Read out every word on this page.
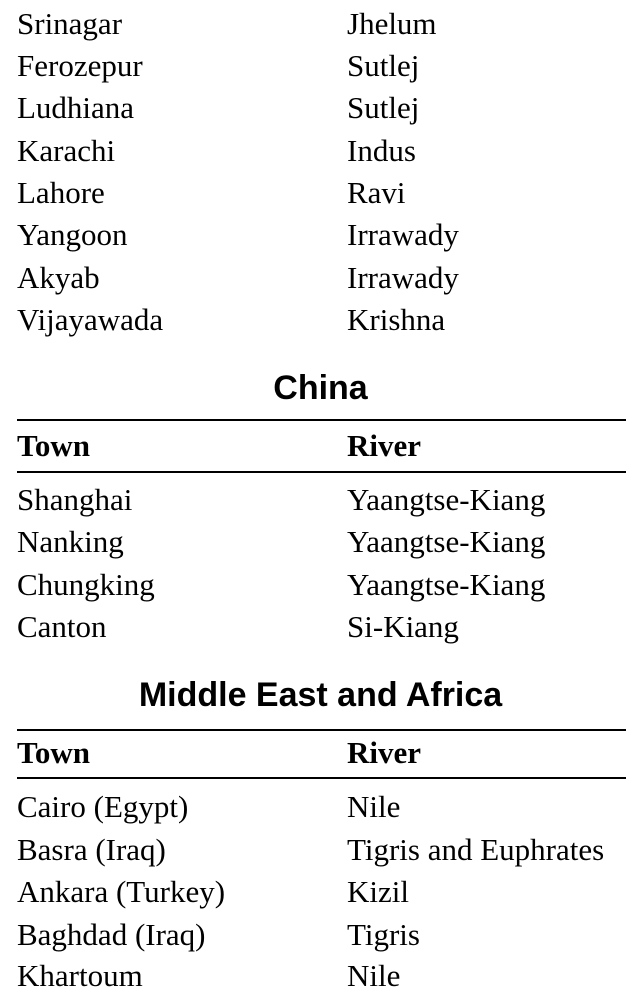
Srinagar	Jhelum
Ferozepur	Sutlej
Ludhiana	Sutlej
Karachi	Indus
Lahore	Ravi
Yangoon	Irrawady
Akyab	Irrawady
Vijayawada	Krishna
China
Town	River
Shanghai	Yaangtse-Kiang
Nanking	Yaangtse-Kiang
Chungking	Yaangtse-Kiang
Canton	Si-Kiang
Middle East and Africa
Town	River
Cairo (Egypt)	Nile
Basra (Iraq)	Tigris and Euphrates
Ankara (Turkey)	Kizil
Baghdad (Iraq)	Tigris
Khartoum	Nile
